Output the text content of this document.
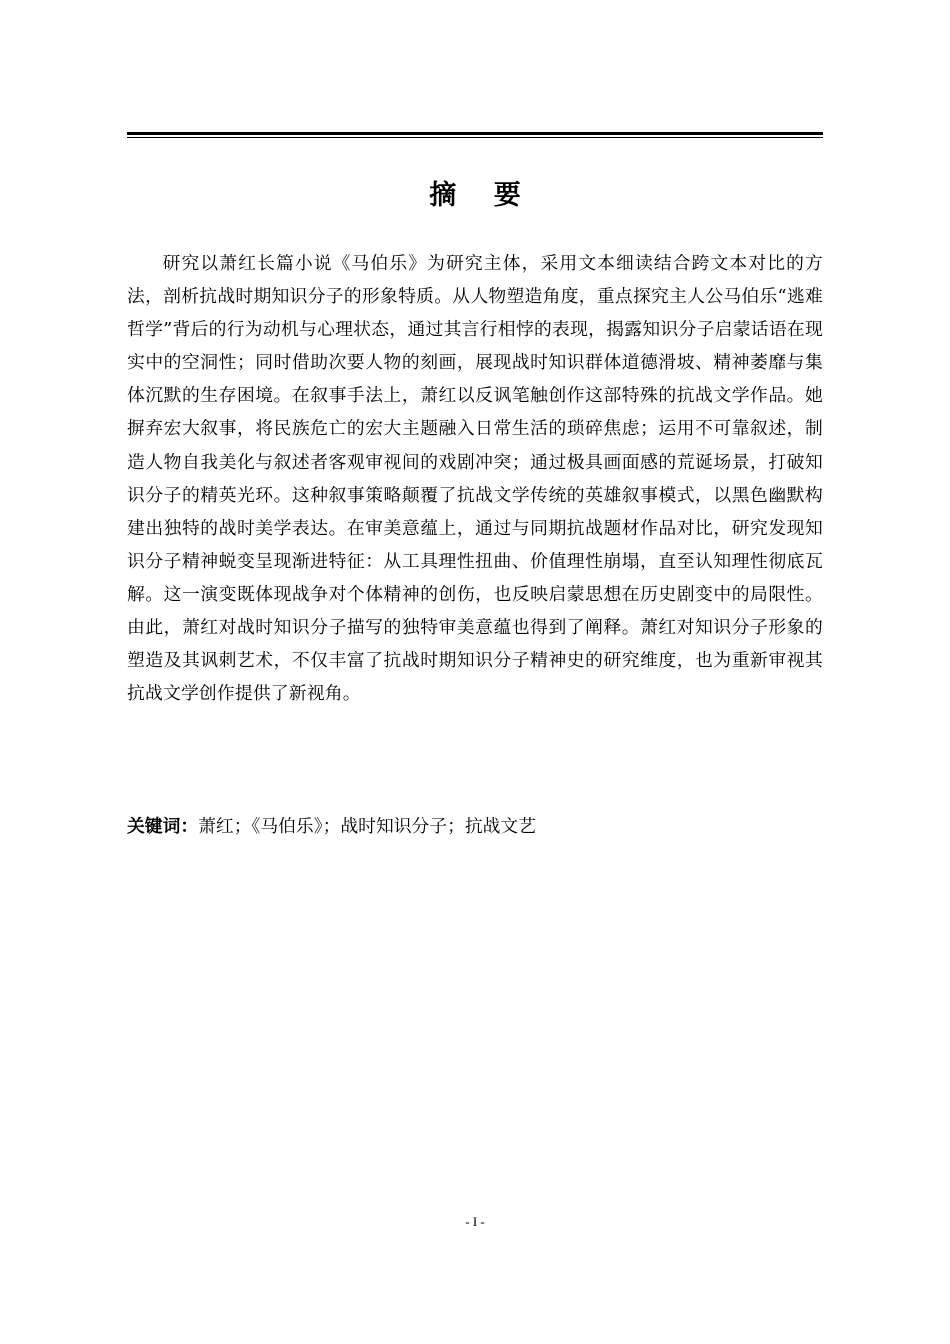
摘 要

研究以萧红长篇小说《马伯乐》为研究主体，采用文本细读结合跨文本对比的方法，剖析抗战时期知识分子的形象特质。从人物塑造角度，重点探究主人公马伯乐“逃难哲学”背后的行为动机与心理状态，通过其言行相悖的表现，揭露知识分子启蒙话语在现实中的空洞性；同时借助次要人物的刻画，展现战时知识群体道德滑坡、精神萎靡与集体沉默的生存困境。在叙事手法上，萧红以反讽笔触创作这部特殊的抗战文学作品。她摒弃宏大叙事，将民族危亡的宏大主题融入日常生活的琐碎焦虑；运用不可靠叙述，制造人物自我美化与叙述者客观审视间的戏剧冲突；通过极具画面感的荒诞场景，打破知识分子的精英光环。这种叙事策略颠覆了抗战文学传统的英雄叙事模式，以黑色幽默构建出独特的战时美学表达。在审美意蕴上，通过与同期抗战题材作品对比，研究发现知识分子精神蜕变呈现渐进特征：从工具理性扭曲、价值理性崩塌，直至认知理性彻底瓦解。这一演变既体现战争对个体精神的创伤，也反映启蒙思想在历史剧变中的局限性。由此，萧红对战时知识分子描写的独特审美意蕴也得到了阐释。萧红对知识分子形象的塑造及其讽刺艺术，不仅丰富了抗战时期知识分子精神史的研究维度，也为重新审视其抗战文学创作提供了新视角。

关键词：萧红；《马伯乐》；战时知识分子；抗战文艺
- I -
